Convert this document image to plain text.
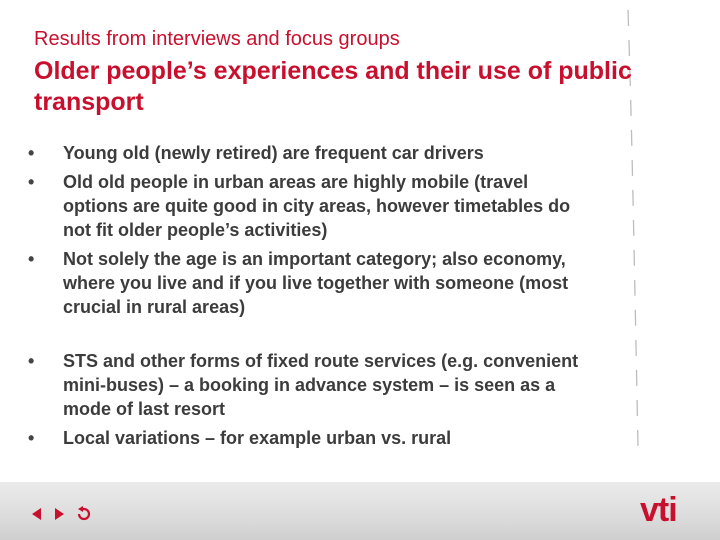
Results from interviews and focus groups
Older people’s experiences and their use of public transport
•	Young old (newly retired) are frequent car drivers
•	Old old people in urban areas are highly mobile (travel options are quite good in city areas, however timetables do not fit older people’s activities)
•	Not solely the age is an important category; also economy, where you live and if you live together with someone (most crucial in rural areas)
•	STS and other forms of fixed route services (e.g. convenient mini-buses) – a booking in advance system – is seen as a mode of last resort
•	Local variations – for example urban vs. rural
vti
